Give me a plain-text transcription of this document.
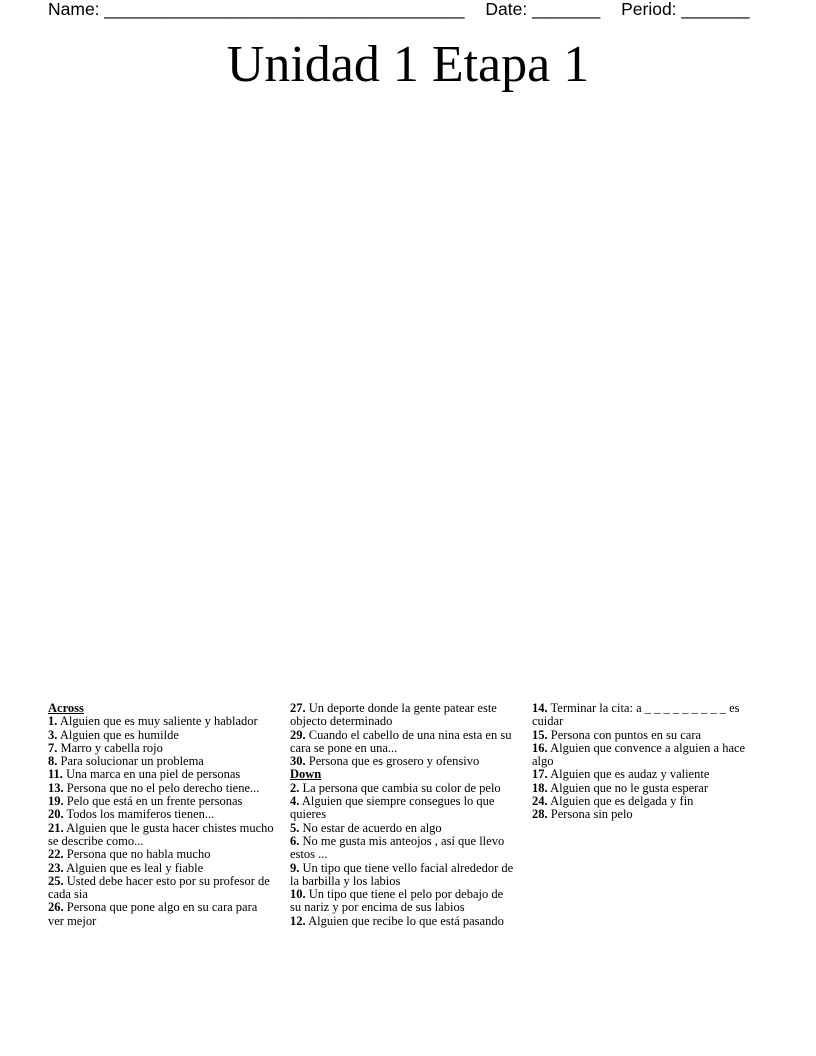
Name: _____________________________________ Date: _______ Period: _______
Unidad 1 Etapa 1
Across
1. Alguien que es muy saliente y hablador
3. Alguien que es humilde
7. Marro y cabella rojo
8. Para solucionar un problema
11. Una marca en una piel de personas
13. Persona que no el pelo derecho tiene...
19. Pelo que está en un frente personas
20. Todos los mamiferos tienen...
21. Alguien que le gusta hacer chistes mucho se describe como...
22. Persona que no habla mucho
23. Alguien que es leal y fiable
25. Usted debe hacer esto por su profesor de cada sia
26. Persona que pone algo en su cara para ver mejor
27. Un deporte donde la gente patear este objecto determinado
29. Cuando el cabello de una nina esta en su cara se pone en una...
30. Persona que es grosero y ofensivo
Down
2. La persona que cambia su color de pelo
4. Alguien que siempre consegues lo que quieres
5. No estar de acuerdo en algo
6. No me gusta mis anteojos , así que llevo estos ...
9. Un tipo que tiene vello facial alrededor de la barbilla y los labios
10. Un tipo que tiene el pelo por debajo de su nariz y por encima de sus labios
12. Alguien que recibe lo que está pasando
14. Terminar la cita: a _ _ _ _ _ _ _ _ _ es cuidar
15. Persona con puntos en su cara
16. Alguien que convence a alguien a hace algo
17. Alguien que es audaz y valiente
18. Alguien que no le gusta esperar
24. Alguien que es delgada y fin
28. Persona sin pelo
